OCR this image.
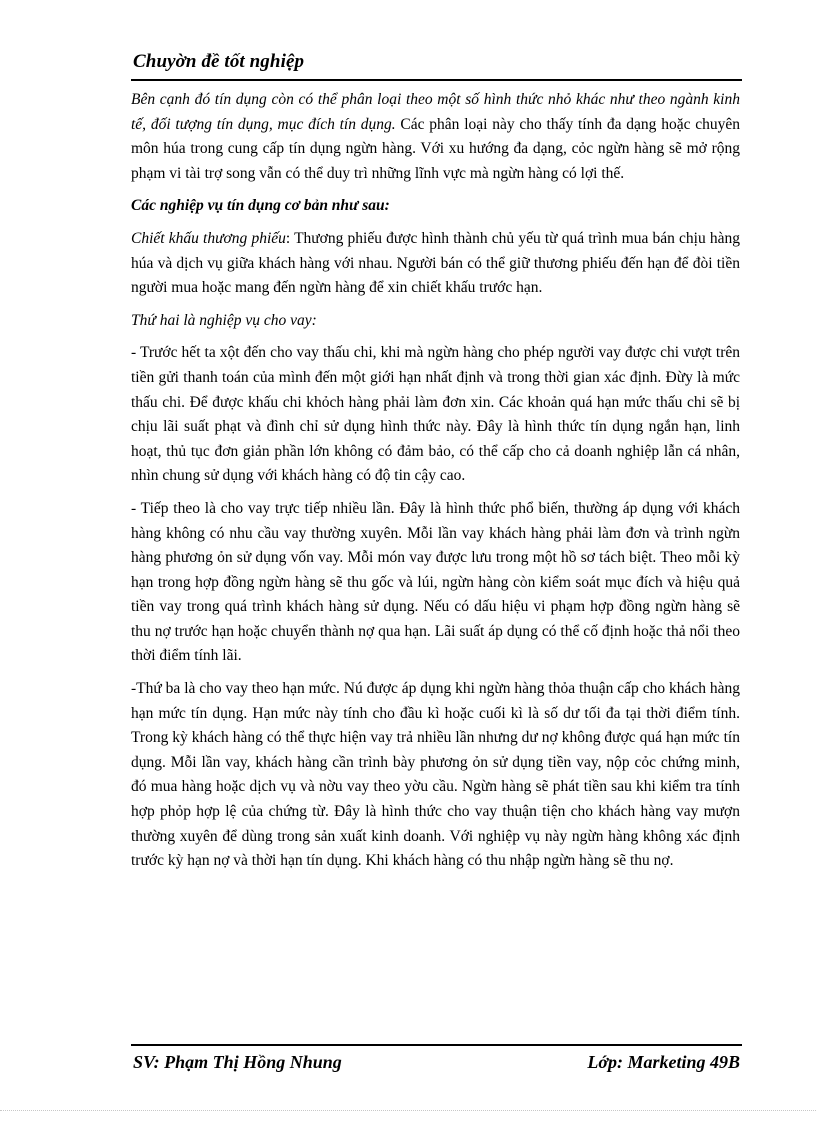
Chuyờn đề tốt nghiệp

Bên cạnh đó tín dụng còn có thể phân loại theo một số hình thức nhỏ khác như theo ngành kinh tế, đối tượng tín dụng, mục đích tín dụng. Các phân loại này cho thấy tính đa dạng hoặc chuyên môn húa trong cung cấp tín dụng ngừn hàng. Với xu hướng đa dạng, cỏc ngừn hàng sẽ mở rộng phạm vi tài trợ song vẫn có thể duy trì những lĩnh vực mà ngừn hàng có lợi thế.

Các nghiệp vụ tín dụng cơ bản như sau:

Chiết khấu thương phiếu: Thương phiếu được hình thành chủ yếu từ quá trình mua bán chịu hàng húa và dịch vụ giữa khách hàng với nhau. Người bán có thể giữ thương phiếu đến hạn để đòi tiền người mua hoặc mang đến ngừn hàng để xin chiết khấu trước hạn.

Thứ hai là nghiệp vụ cho vay:

- Trước hết ta xột đến cho vay thấu chi, khi mà ngừn hàng cho phép người vay được chi vượt trên tiền gửi thanh toán của mình đến một giới hạn nhất định và trong thời gian xác định. Đừy là mức thấu chi. Để được khấu chi khỏch hàng phải làm đơn xin. Các khoản quá hạn mức thấu chi sẽ bị chịu lãi suất phạt và đình chỉ sử dụng hình thức này. Đây là hình thức tín dụng ngắn hạn, linh hoạt, thủ tục đơn giản phần lớn không có đảm bảo, có thể cấp cho cả doanh nghiệp lẫn cá nhân, nhìn chung sử dụng với khách hàng có độ tin cậy cao.

- Tiếp theo là cho vay trực tiếp nhiều lần. Đây là hình thức phổ biến, thường áp dụng với khách hàng không có nhu cầu vay thường xuyên. Mỗi lần vay khách hàng phải làm đơn và trình ngừn hàng phương ỏn sử dụng vốn vay. Mỗi món vay được lưu trong một hồ sơ tách biệt. Theo mỗi kỳ hạn trong hợp đồng ngừn hàng sẽ thu gốc và lúi, ngừn hàng còn kiểm soát mục đích và hiệu quả tiền vay trong quá trình khách hàng sử dụng. Nếu có dấu hiệu vi phạm hợp đồng ngừn hàng sẽ thu nợ trước hạn hoặc chuyển thành nợ qua hạn. Lãi suất áp dụng có thể cố định hoặc thả nổi theo thời điểm tính lãi.

-Thứ ba là cho vay theo hạn mức. Nú được áp dụng khi ngừn hàng thỏa thuận cấp cho khách hàng hạn mức tín dụng. Hạn mức này tính cho đầu kì hoặc cuối kì là số dư tối đa tại thời điểm tính. Trong kỳ khách hàng có thể thực hiện vay trả nhiều lần nhưng dư nợ không được quá hạn mức tín dụng. Mỗi lần vay, khách hàng cần trình bày phương ỏn sử dụng tiền vay, nộp cỏc chứng minh, đó mua hàng hoặc dịch vụ và nờu vay theo yờu cầu. Ngừn hàng sẽ phát tiền sau khi kiểm tra tính hợp phỏp hợp lệ của chứng từ. Đây là hình thức cho vay thuận tiện cho khách hàng vay mượn thường xuyên để dùng trong sản xuất kinh doanh. Với nghiệp vụ này ngừn hàng không xác định trước kỳ hạn nợ và thời hạn tín dụng. Khi khách hàng có thu nhập ngừn hàng sẽ thu nợ.

SV: Phạm Thị Hồng Nhung	Lớp: Marketing 49B
